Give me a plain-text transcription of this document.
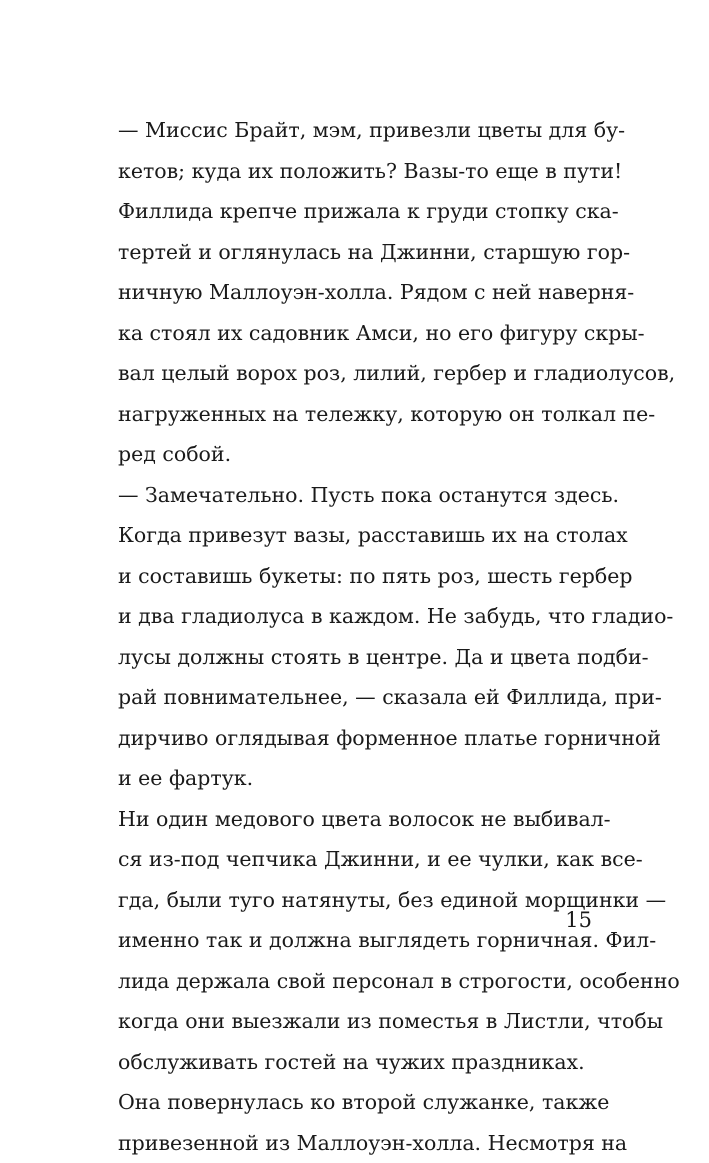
— Миссис Брайт, мэм, привезли цветы для бу-
кетов; куда их положить? Вазы-то еще в пути!
Филлида крепче прижала к груди стопку ска-
тертей и оглянулась на Джинни, старшую гор-
ничную Маллоуэн-холла. Рядом с ней наверня-
ка стоял их садовник Амси, но его фигуру скры-
вал целый ворох роз, лилий, гербер и гладиолусов,
нагруженных на тележку, которую он толкал пе-
ред собой.
— Замечательно. Пусть пока останутся здесь.
Когда привезут вазы, расставишь их на столах
и составишь букеты: по пять роз, шесть гербер
и два гладиолуса в каждом. Не забудь, что гладио-
лусы должны стоять в центре. Да и цвета подби-
рай повнимательнее, — сказала ей Филлида, при-
дирчиво оглядывая форменное платье горничной
и ее фартук.
Ни один медового цвета волосок не выбивал-
ся из-под чепчика Джинни, и ее чулки, как все-
гда, были туго натянуты, без единой морщинки —
именно так и должна выглядеть горничная. Фил-
лида держала свой персонал в строгости, особенно
когда они выезжали из поместья в Листли, чтобы
обслуживать гостей на чужих праздниках.
Она повернулась ко второй служанке, также
привезенной из Маллоуэн-холла. Несмотря на
15
